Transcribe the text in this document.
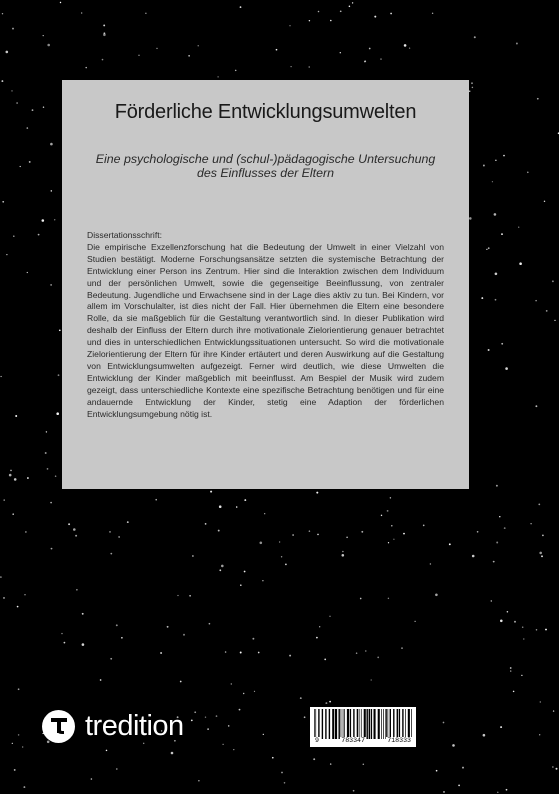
Förderliche Entwicklungsumwelten

Eine psychologische und (schul-)pädagogische Untersuchung des Einflusses der Eltern

Dissertationsschrift:

Die empirische Exzellenzforschung hat die Bedeutung der Umwelt in einer Vielzahl von Studien bestätigt. Moderne Forschungsansätze setzten die systemische Betrachtung der Entwicklung einer Person ins Zentrum. Hier sind die Interaktion zwischen dem Individuum und der persönlichen Umwelt, sowie die gegenseitige Beeinflussung, von zentraler Bedeutung. Jugendliche und Erwachsene sind in der Lage dies aktiv zu tun. Bei Kindern, vor allem im Vorschulalter, ist dies nicht der Fall. Hier übernehmen die Eltern eine besondere Rolle, da sie maßgeblich für die Gestaltung verantwortlich sind. In dieser Publikation wird deshalb der Einfluss der Eltern durch ihre motivationale Zielorientierung genauer betrachtet und dies in unterschiedlichen Entwicklungssituationen untersucht. So wird die motivationale Zielorientierung der Eltern für ihre Kinder ertäutert und deren Auswirkung auf die Gestaltung von Entwicklungsumwelten aufgezeigt. Ferner wird deutlich, wie diese Umwelten die Entwicklung der Kinder maßgeblich mit beeinflusst. Am Bespiel der Musik wird zudem gezeigt, dass unterschiedliche Kontexte eine spezifische Betrachtung benötigen und für eine andauernde Entwicklung der Kinder, stetig eine Adaption der förderlichen Entwicklungsumgebung nötig ist.

tredition	9	783347	718333
